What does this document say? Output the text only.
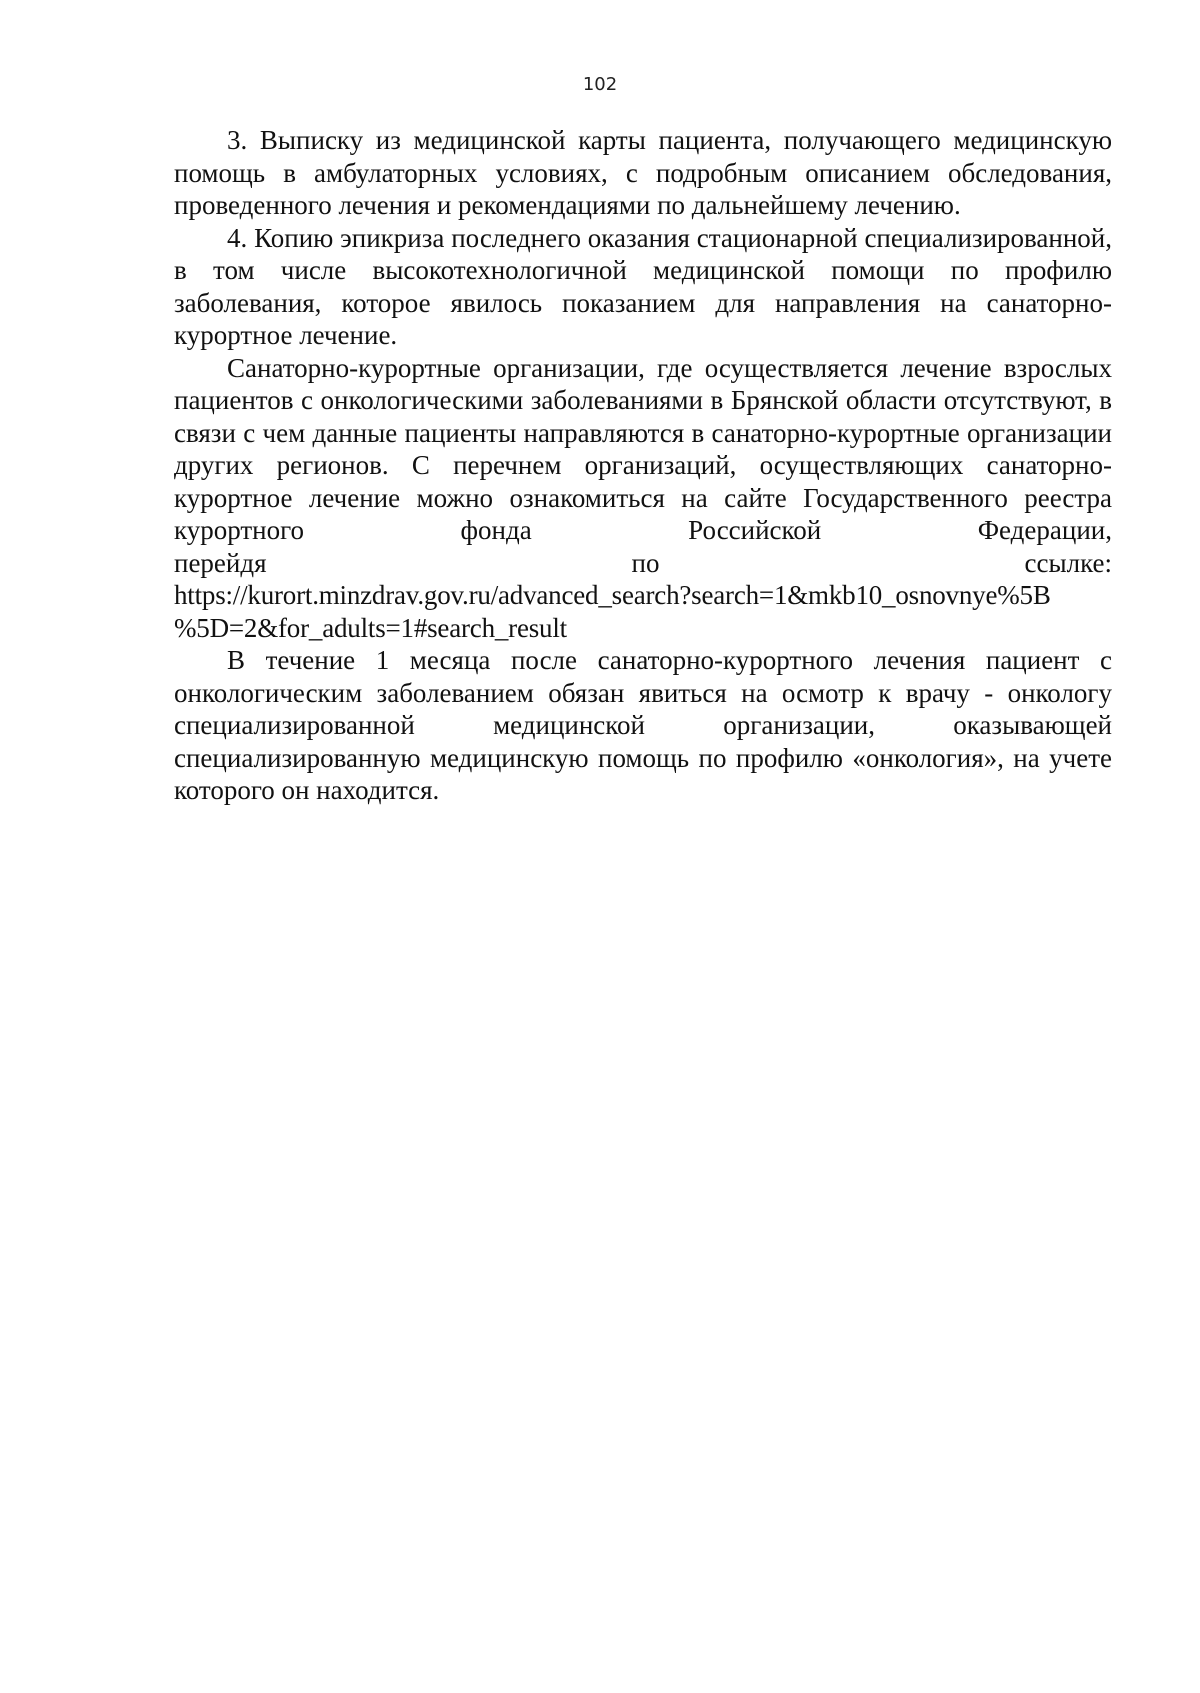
102

3. Выписку из медицинской карты пациента, получающего медицинскую помощь в амбулаторных условиях, с подробным описанием обследования, проведенного лечения и рекомендациями по дальнейшему лечению.

4. Копию эпикриза последнего оказания стационарной специализированной, в том числе высокотехнологичной медицинской помощи по профилю заболевания, которое явилось показанием для направления на санаторно-курортное лечение.

Санаторно-курортные организации, где осуществляется лечение взрослых пациентов с онкологическими заболеваниями в Брянской области отсутствуют, в связи с чем данные пациенты направляются в санаторно-курортные организации других регионов. С перечнем организаций, осуществляющих санаторно-курортное лечение можно ознакомиться на сайте Государственного реестра курортного фонда Российской Федерации,

перейдя	по	ссылке:
https://kurort.minzdrav.gov.ru/advanced_search?search=1&mkb10_osnovnye%5B
%5D=2&for_adults=1#search_result

В течение 1 месяца после санаторно-курортного лечения пациент с онкологическим заболеванием обязан явиться на осмотр к врачу - онкологу специализированной медицинской организации, оказывающей специализированную медицинскую помощь по профилю «онкология», на учете которого он находится.
